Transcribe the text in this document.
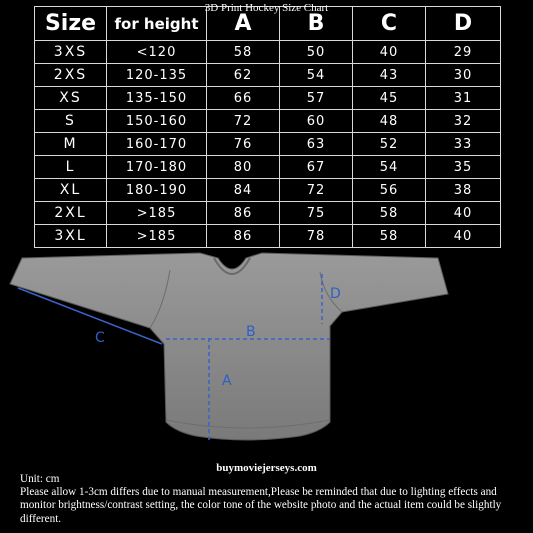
3D Print Hockey Size Chart
Size	for height	A	B	C	D
3XS	<120	58	50	40	29
2XS	120-135	62	54	43	30
XS	135-150	66	57	45	31
S	150-160	72	60	48	32
M	160-170	76	63	52	33
L	170-180	80	67	54	35
XL	180-190	84	72	56	38
2XL	>185	86	75	58	40
3XL	>185	86	78	58	40
A
B
C
D
buymoviejerseys.com
Unit: cm
Please allow 1-3cm differs due to manual measurement,Please be reminded that due to lighting effects and monitor brightness/contrast setting, the color tone of the website photo and the actual item could be slightly different.
